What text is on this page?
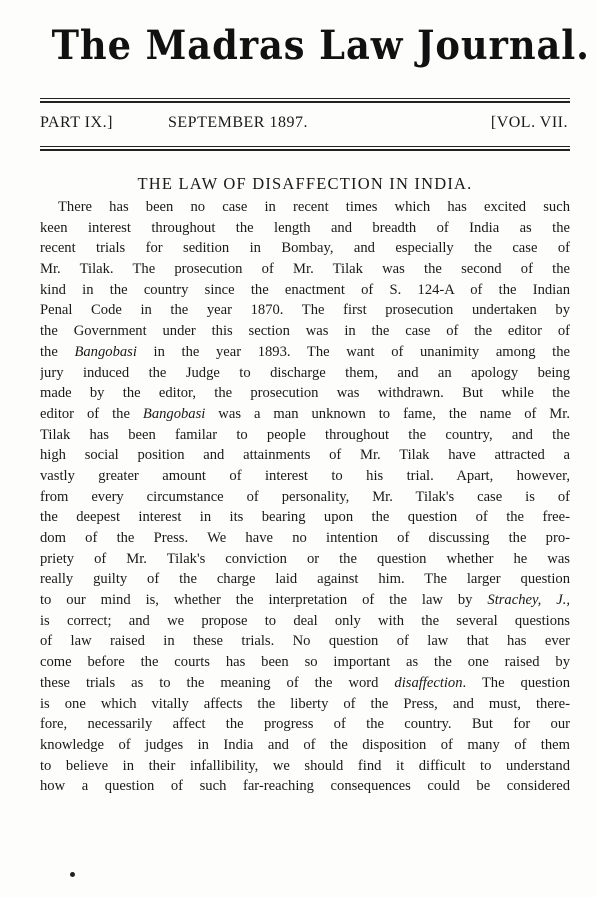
The Madras Law Journal.
PART IX.]	SEPTEMBER 1897.	[VOL. VII.
THE LAW OF DISAFFECTION IN INDIA.
There has been no case in recent times which has excited such
keen interest throughout the length and breadth of India as the
recent trials for sedition in Bombay, and especially the case of
Mr. Tilak. The prosecution of Mr. Tilak was the second of the
kind in the country since the enactment of S. 124-A of the Indian
Penal Code in the year 1870. The first prosecution undertaken by
the Government under this section was in the case of the editor of
the Bangobasi in the year 1893. The want of unanimity among the
jury induced the Judge to discharge them, and an apology being
made by the editor, the prosecution was withdrawn. But while the
editor of the Bangobasi was a man unknown to fame, the name of Mr.
Tilak has been familar to people throughout the country, and the
high social position and attainments of Mr. Tilak have attracted a
vastly greater amount of interest to his trial. Apart, however,
from every circumstance of personality, Mr. Tilak's case is of
the deepest interest in its bearing upon the question of the free-
dom of the Press. We have no intention of discussing the pro-
priety of Mr. Tilak's conviction or the question whether he was
really guilty of the charge laid against him. The larger question
to our mind is, whether the interpretation of the law by Strachey, J.,
is correct; and we propose to deal only with the several questions
of law raised in these trials. No question of law that has ever
come before the courts has been so important as the one raised by
these trials as to the meaning of the word disaffection. The question
is one which vitally affects the liberty of the Press, and must, there-
fore, necessarily affect the progress of the country. But for our
knowledge of judges in India and of the disposition of many of them
to believe in their infallibility, we should find it difficult to understand
how a question of such far-reaching consequences could be considered
